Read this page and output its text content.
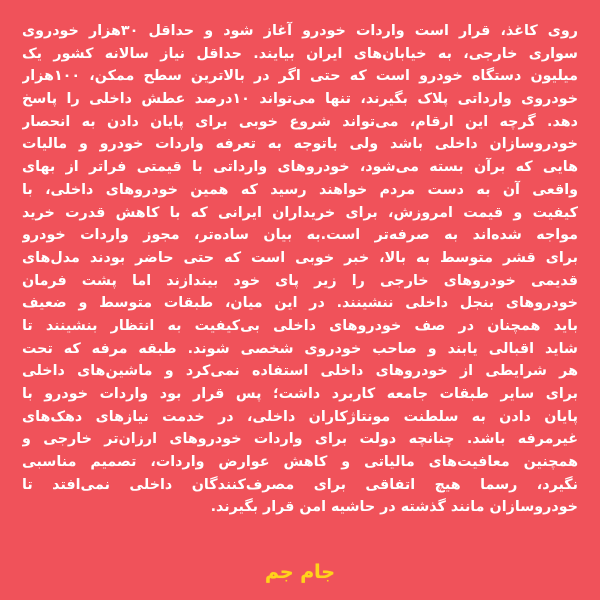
روی کاغذ، قرار است واردات خودرو آغاز شود و حداقل ۳۰هزار خودروی
سواری خارجی، به خیابان‌های ایران بیایند. حداقل نیاز سالانه کشور یک
میلیون دستگاه خودرو است که حتی اگر در بالاترین سطح ممکن، ۱۰۰هزار
خودروی وارداتی پلاک بگیرند، تنها می‌تواند ۱۰درصد عطش داخلی را پاسخ
دهد. گرچه این ارقام، می‌تواند شروع خوبی برای پایان دادن به انحصار
خودروسازان داخلی باشد ولی باتوجه به تعرفه واردات خودرو و مالیات
هایی که برآن بسته می‌شود، خودروهای وارداتی با قیمتی فراتر از بهای
واقعی آن به دست مردم خواهند رسید که همین خودروهای داخلی، با
کیفیت و قیمت امروزش، برای خریداران ایرانی که با کاهش قدرت خرید
مواجه شده‌اند به صرفه‌تر است.به بیان ساده‌تر، مجوز واردات خودرو
برای قشر متوسط به بالا، خبر خوبی است که حتی حاضر بودند مدل‌های
قدیمی خودروهای خارجی را زیر پای خود بیندازند اما پشت فرمان
خودروهای بنجل داخلی ننشینند. در این میان، طبقات متوسط و ضعیف
باید همچنان در صف خودروهای داخلی بی‌کیفیت به انتظار بنشینند تا
شاید اقبالی یابند و صاحب خودروی شخصی شوند. طبقه مرفه که تحت
هر شرایطی از خودروهای داخلی استفاده نمی‌کرد و ماشین‌های داخلی
برای سایر طبقات جامعه کاربرد داشت؛ پس قرار بود واردات خودرو با
پایان دادن به سلطنت مونتاژکاران داخلی، در خدمت نیازهای دهک‌های
غیرمرفه باشد. چنانچه دولت برای واردات خودروهای ارزان‌تر خارجی و
همچنین معافیت‌های مالیاتی و کاهش عوارض واردات، تصمیم مناسبی
نگیرد، رسما هیچ اتفاقی برای مصرف‌کنندگان داخلی نمی‌افتد تا
خودروسازان مانند گذشته در حاشیه امن قرار بگیرند.
جام جم
